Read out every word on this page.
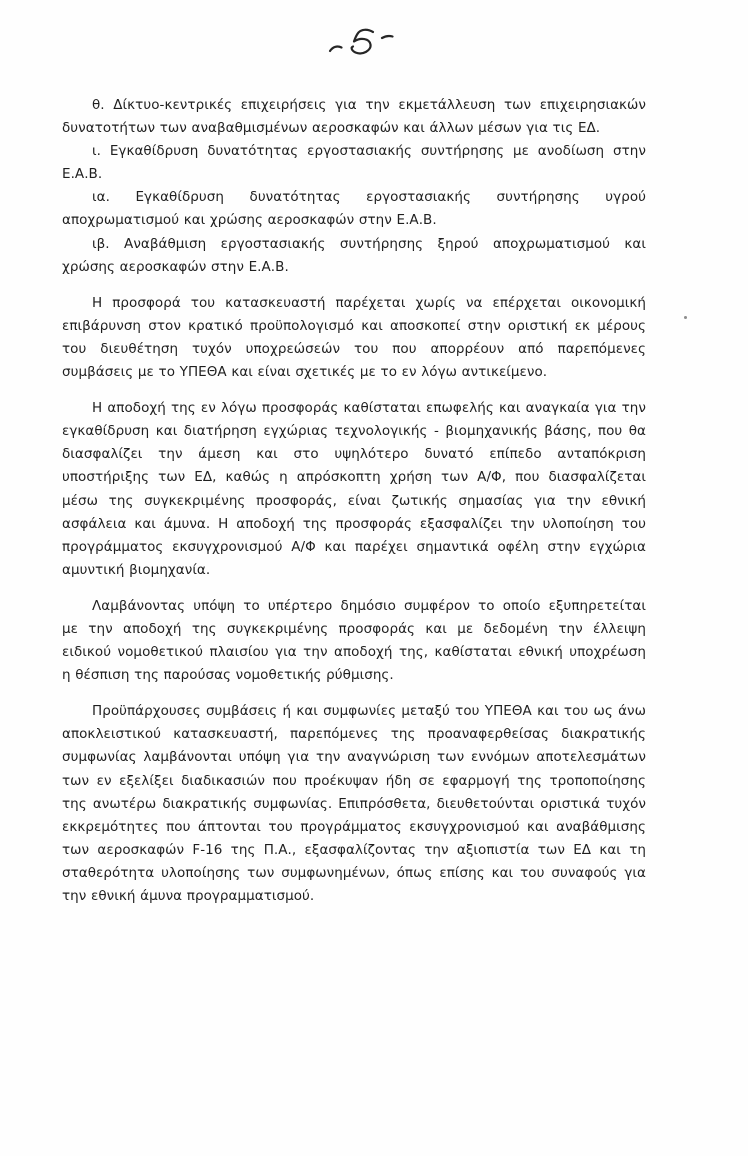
θ. Δίκτυο-κεντρικές επιχειρήσεις για την εκμετάλλευση των επιχειρησιακών
δυνατοτήτων των αναβαθμισμένων αεροσκαφών και άλλων μέσων για τις ΕΔ.
ι. Εγκαθίδρυση δυνατότητας εργοστασιακής συντήρησης με ανοδίωση στην
Ε.Α.Β.
ια. Εγκαθίδρυση δυνατότητας εργοστασιακής συντήρησης υγρού
αποχρωματισμού και χρώσης αεροσκαφών στην Ε.Α.Β.
ιβ. Αναβάθμιση εργοστασιακής συντήρησης ξηρού αποχρωματισμού και
χρώσης αεροσκαφών στην Ε.Α.Β.
Η προσφορά του κατασκευαστή παρέχεται χωρίς να επέρχεται οικονομική
επιβάρυνση στον κρατικό προϋπολογισμό και αποσκοπεί στην οριστική εκ μέρους
του διευθέτηση τυχόν υποχρεώσεών του που απορρέουν από παρεπόμενες
συμβάσεις με το ΥΠΕΘΑ και είναι σχετικές με το εν λόγω αντικείμενο.
Η αποδοχή της εν λόγω προσφοράς καθίσταται επωφελής και αναγκαία για την
εγκαθίδρυση και διατήρηση εγχώριας τεχνολογικής - βιομηχανικής βάσης, που θα
διασφαλίζει την άμεση και στο υψηλότερο δυνατό επίπεδο ανταπόκριση
υποστήριξης των ΕΔ, καθώς η απρόσκοπτη χρήση των Α/Φ, που διασφαλίζεται
μέσω της συγκεκριμένης προσφοράς, είναι ζωτικής σημασίας για την εθνική
ασφάλεια και άμυνα. Η αποδοχή της προσφοράς εξασφαλίζει την υλοποίηση του
προγράμματος εκσυγχρονισμού Α/Φ και παρέχει σημαντικά οφέλη στην εγχώρια
αμυντική βιομηχανία.
Λαμβάνοντας υπόψη το υπέρτερο δημόσιο συμφέρον το οποίο εξυπηρετείται
με την αποδοχή της συγκεκριμένης προσφοράς και με δεδομένη την έλλειψη
ειδικού νομοθετικού πλαισίου για την αποδοχή της, καθίσταται εθνική υποχρέωση
η θέσπιση της παρούσας νομοθετικής ρύθμισης.
Προϋπάρχουσες συμβάσεις ή και συμφωνίες μεταξύ του ΥΠΕΘΑ και του ως άνω
αποκλειστικού κατασκευαστή, παρεπόμενες της προαναφερθείσας διακρατικής
συμφωνίας λαμβάνονται υπόψη για την αναγνώριση των εννόμων αποτελεσμάτων
των εν εξελίξει διαδικασιών που προέκυψαν ήδη σε εφαρμογή της τροποποίησης
της ανωτέρω διακρατικής συμφωνίας. Επιπρόσθετα, διευθετούνται οριστικά τυχόν
εκκρεμότητες που άπτονται του προγράμματος εκσυγχρονισμού και αναβάθμισης
των αεροσκαφών F-16 της Π.Α., εξασφαλίζοντας την αξιοπιστία των ΕΔ και τη
σταθερότητα υλοποίησης των συμφωνημένων, όπως επίσης και του συναφούς για
την εθνική άμυνα προγραμματισμού.
